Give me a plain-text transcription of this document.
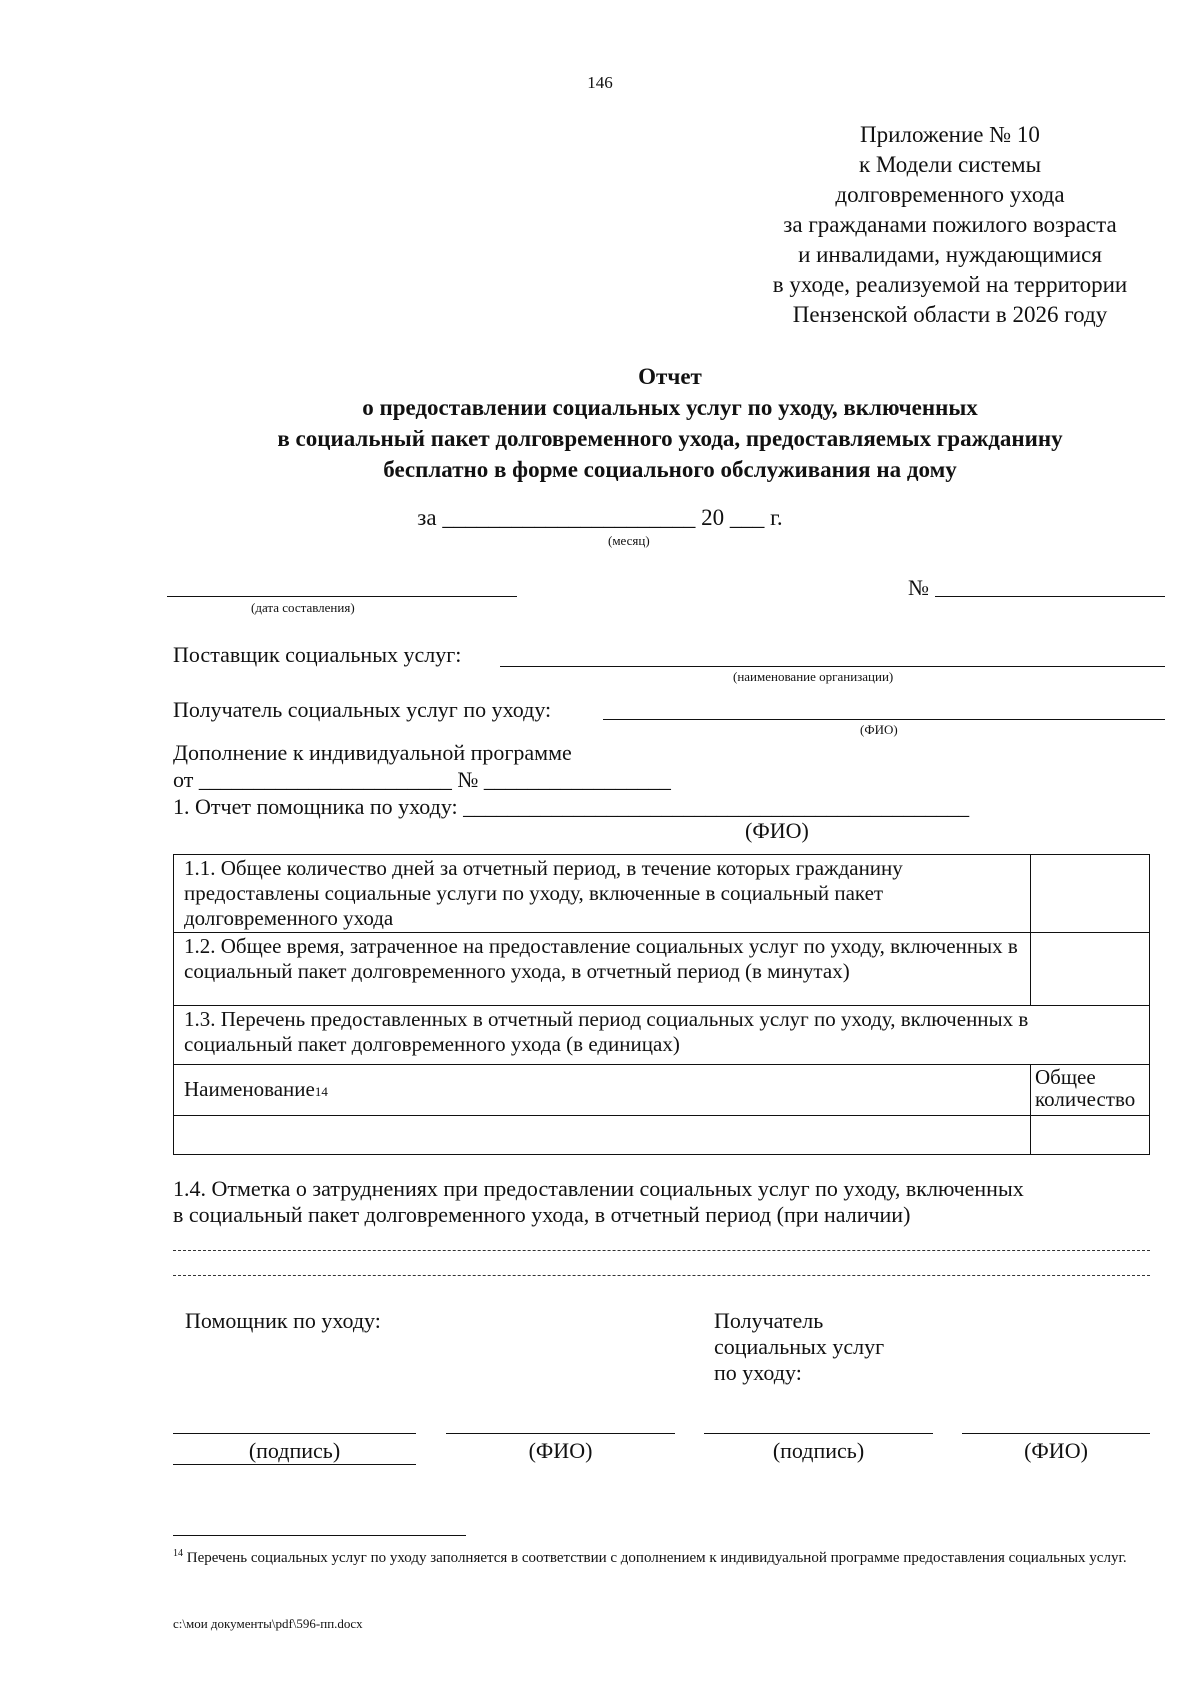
146
Приложение № 10
к Модели системы
долговременного ухода
за гражданами пожилого возраста
и инвалидами, нуждающимися
в уходе, реализуемой на территории
Пензенской области в 2026 году
Отчет
о предоставлении социальных услуг по уходу, включенных
в социальный пакет долговременного ухода, предоставляемых гражданину
бесплатно в форме социального обслуживания на дому
за ______________________ 20 ___ г.
(месяц)
(дата составления)
№
Поставщик социальных услуг:
(наименование организации)
Получатель социальных услуг по уходу:
(ФИО)
Дополнение к индивидуальной программе
от _______________________ № _________________
1. Отчет помощника по уходу: ______________________________________________
(ФИО)
1.1. Общее количество дней за отчетный период, в течение которых гражданину предоставлены социальные услуги по уходу, включенные в социальный пакет долговременного ухода	
1.2. Общее время, затраченное на предоставление социальных услуг по уходу, включенных в социальный пакет долговременного ухода, в отчетный период (в минутах)	
1.3. Перечень предоставленных в отчетный период социальных услуг по уходу, включенных в социальный пакет долговременного ухода (в единицах)	
Наименование14	Общее количество

1.4. Отметка о затруднениях при предоставлении социальных услуг по уходу, включенных
в социальный пакет долговременного ухода, в отчетный период (при наличии)
Помощник по уходу:	Получатель
социальных услуг
по уходу:
(подпись)	(ФИО)	(подпись)	(ФИО)
$^{14}$ Перечень социальных услуг по уходу заполняется в соответствии с дополнением к индивидуальной программе предоставления социальных услуг.
c:\мои документы\pdf\596-пп.docx
